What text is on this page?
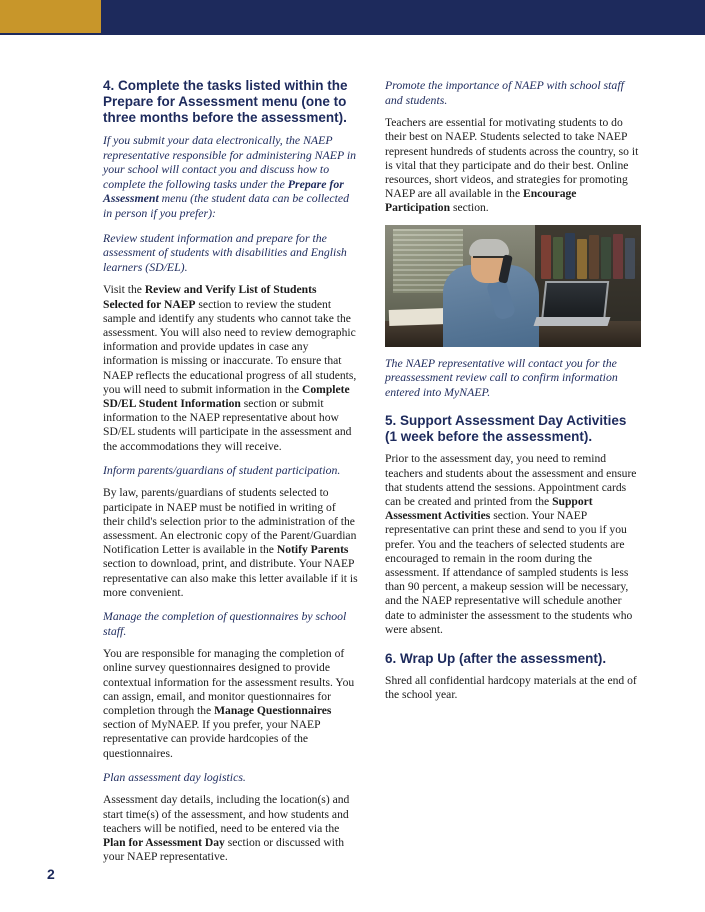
2
4. Complete the tasks listed within the Prepare for Assessment menu (one to three months before the assessment).

If you submit your data electronically, the NAEP representative responsible for administering NAEP in your school will contact you and discuss how to complete the following tasks under the Prepare for Assessment menu (the student data can be collected in person if you prefer):

Review student information and prepare for the assessment of students with disabilities and English learners (SD/EL).

Visit the Review and Verify List of Students Selected for NAEP section to review the student sample and identify any students who cannot take the assessment. You will also need to review demographic information and provide updates in case any information is missing or inaccurate. To ensure that NAEP reflects the educational progress of all students, you will need to submit information in the Complete SD/EL Student Information section or submit information to the NAEP representative about how SD/EL students will participate in the assessment and the accommodations they will receive.

Inform parents/guardians of student participation.

By law, parents/guardians of students selected to participate in NAEP must be notified in writing of their child's selection prior to the administration of the assessment. An electronic copy of the Parent/Guardian Notification Letter is available in the Notify Parents section to download, print, and distribute. Your NAEP representative can also make this letter available if it is more convenient.

Manage the completion of questionnaires by school staff.

You are responsible for managing the completion of online survey questionnaires designed to provide contextual information for the assessment results. You can assign, email, and monitor questionnaires for completion through the Manage Questionnaires section of MyNAEP. If you prefer, your NAEP representative can provide hardcopies of the questionnaires.

Plan assessment day logistics.

Assessment day details, including the location(s) and start time(s) of the assessment, and how students and teachers will be notified, need to be entered via the Plan for Assessment Day section or discussed with your NAEP representative.

Promote the importance of NAEP with school staff and students.

Teachers are essential for motivating students to do their best on NAEP. Students selected to take NAEP represent hundreds of students across the country, so it is vital that they participate and do their best. Online resources, short videos, and strategies for promoting NAEP are all available in the Encourage Participation section.

The NAEP representative will contact you for the preassessment review call to confirm information entered into MyNAEP.

5. Support Assessment Day Activities (1 week before the assessment).

Prior to the assessment day, you need to remind teachers and students about the assessment and ensure that students attend the sessions. Appointment cards can be created and printed from the Support Assessment Activities section. Your NAEP representative can print these and send to you if you prefer. You and the teachers of selected students are encouraged to remain in the room during the assessment. If attendance of sampled students is less than 90 percent, a makeup session will be necessary, and the NAEP representative will schedule another date to administer the assessment to the students who were absent.

6. Wrap Up (after the assessment).

Shred all confidential hardcopy materials at the end of the school year.
